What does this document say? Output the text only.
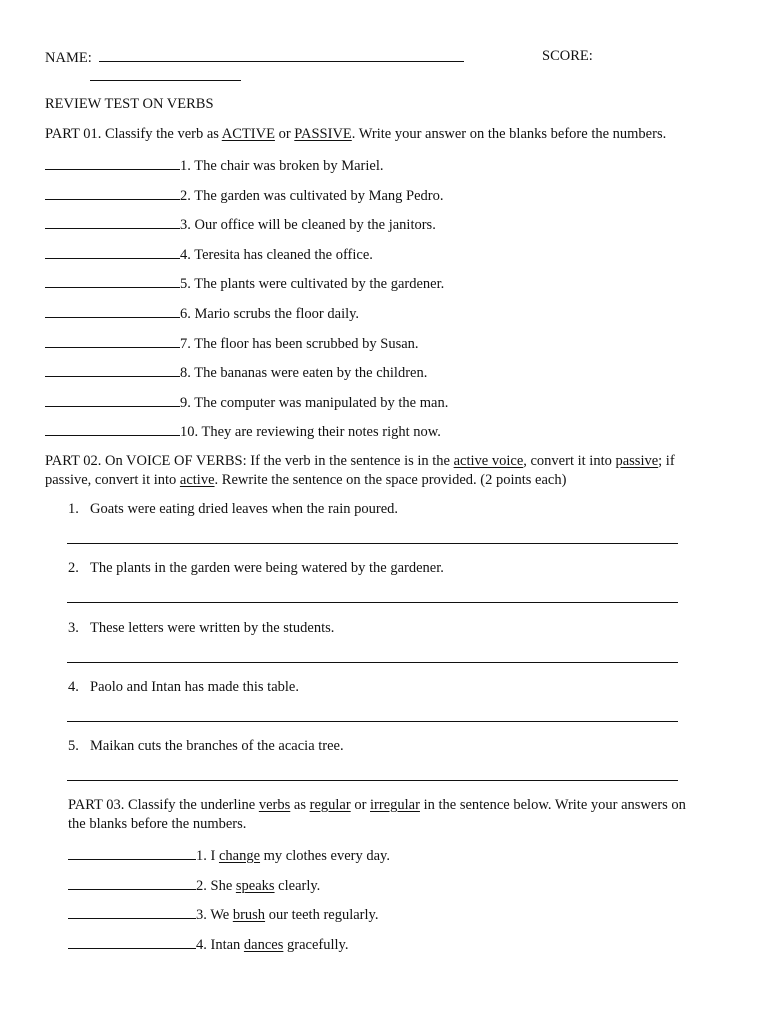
NAME:	SCORE:
REVIEW TEST ON VERBS
PART 01. Classify the verb as ACTIVE or PASSIVE. Write your answer on the blanks before the numbers.
1. The chair was broken by Mariel.
2. The garden was cultivated by Mang Pedro.
3. Our office will be cleaned by the janitors.
4. Teresita has cleaned the office.
5. The plants were cultivated by the gardener.
6. Mario scrubs the floor daily.
7. The floor has been scrubbed by Susan.
8. The bananas were eaten by the children.
9. The computer was manipulated by the man.
10. They are reviewing their notes right now.
PART 02. On VOICE OF VERBS: If the verb in the sentence is in the active voice, convert it into passive; if
passive, convert it into active. Rewrite the sentence on the space provided. (2 points each)
1. Goats were eating dried leaves when the rain poured.
2. The plants in the garden were being watered by the gardener.
3. These letters were written by the students.
4. Paolo and Intan has made this table.
5. Maikan cuts the branches of the acacia tree.
PART 03. Classify the underline verbs as regular or irregular in the sentence below. Write your answers on
the blanks before the numbers.
1. I change my clothes every day.
2. She speaks clearly.
3. We brush our teeth regularly.
4. Intan dances gracefully.
